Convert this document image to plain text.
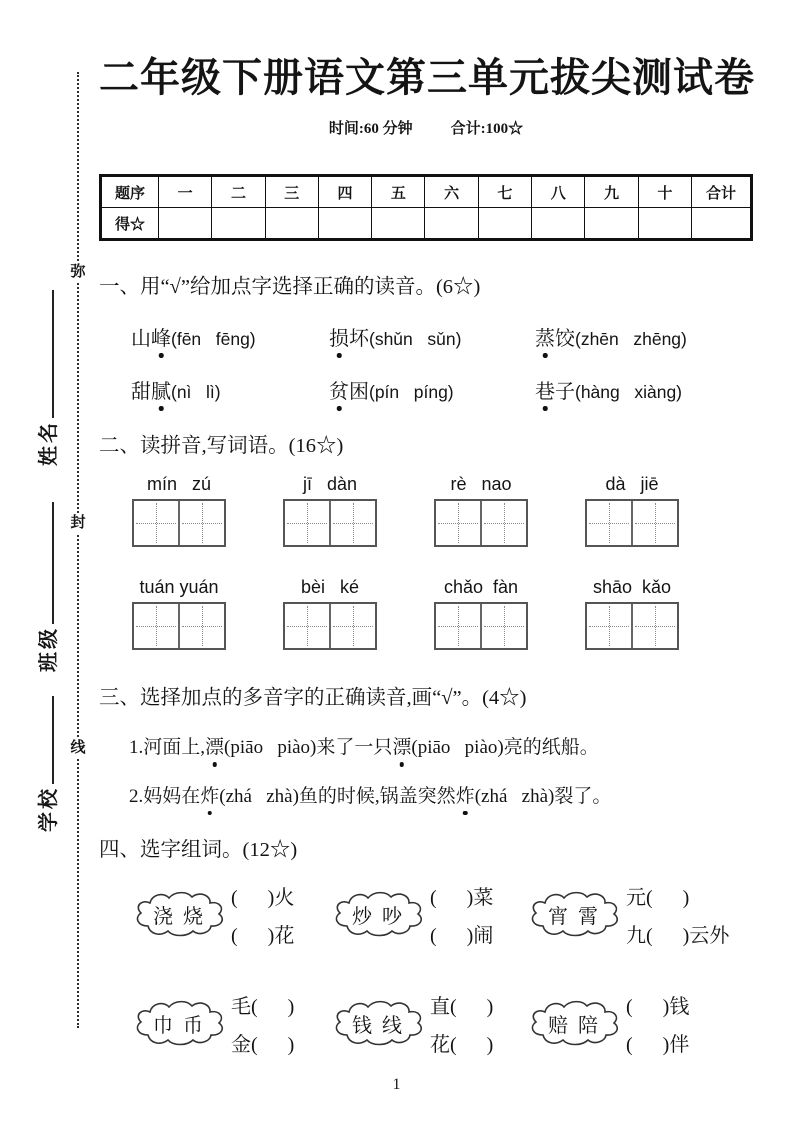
弥
封
线
姓名
班级
学校
二年级下册语文第三单元拔尖测试卷
时间:60 分钟	合计:100☆
题序	一	二	三	四	五	六	七	八	九	十	合计
得☆											
一、用“√”给加点字选择正确的读音。(6☆)
山峰(fēn   fēng)	损坏(shǔn   sǔn)	蒸饺(zhēn   zhēng)
甜腻(nì   lì)	贫困(pín   píng)	巷子(hàng   xiàng)
二、读拼音,写词语。(16☆)
mín   zú	jī   dàn	rè   nao	dà   jiē
tuán yuán	bèi   ké	chǎo  fàn	shāo  kǎo
三、选择加点的多音字的正确读音,画“√”。(4☆)

1.河面上,漂(piāo   piào)来了一只漂(piāo   piào)亮的纸船。

2.妈妈在炸(zhá   zhà)鱼的时候,锅盖突然炸(zhá   zhà)裂了。

四、选字组词。(12☆)
浇  烧
(      )火
(      )花
炒  吵
(      )菜
(      )闹
宵  霄
元(      )
九(      )云外
巾  币
毛(      )
金(      )
钱  线
直(      )
花(      )
赔  陪
(      )钱
(      )伴
1
